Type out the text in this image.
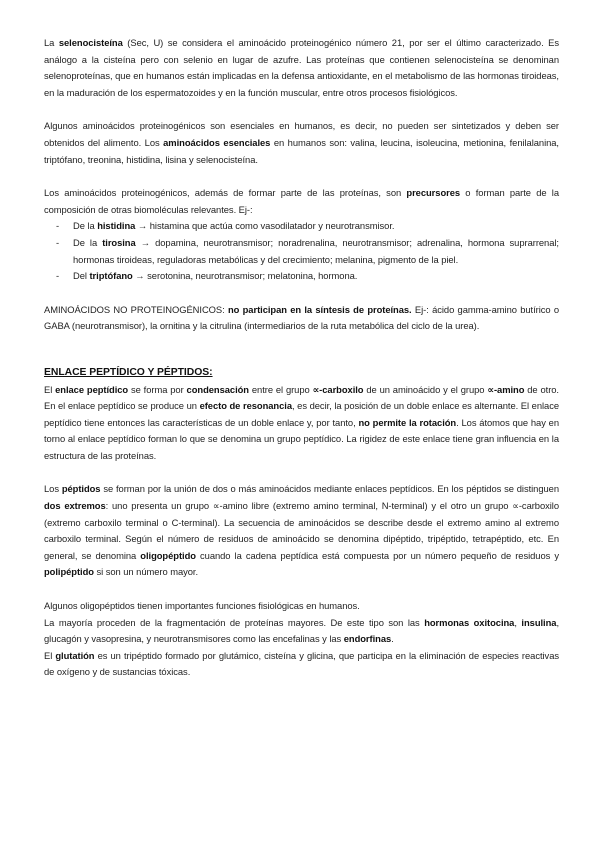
La selenocisteína (Sec, U) se considera el aminoácido proteinogénico número 21, por ser el último caracterizado. Es análogo a la cisteína pero con selenio en lugar de azufre. Las proteínas que contienen selenocisteína se denominan selenoproteínas, que en humanos están implicadas en la defensa antioxidante, en el metabolismo de las hormonas tiroideas, en la maduración de los espermatozoides y en la función muscular, entre otros procesos fisiológicos.

Algunos aminoácidos proteinogénicos son esenciales en humanos, es decir, no pueden ser sintetizados y deben ser obtenidos del alimento. Los aminoácidos esenciales en humanos son: valina, leucina, isoleucina, metionina, fenilalanina, triptófano, treonina, histidina, lisina y selenocisteína.

Los aminoácidos proteinogénicos, además de formar parte de las proteínas, son precursores o forman parte de la composición de otras biomoléculas relevantes. Ej-:

- De la histidina → histamina que actúa como vasodilatador y neurotransmisor.
- De la tirosina → dopamina, neurotransmisor; noradrenalina, neurotransmisor; adrenalina, hormona suprarrenal; hormonas tiroideas, reguladoras metabólicas y del crecimiento; melanina, pigmento de la piel.
- Del triptófano → serotonina, neurotransmisor; melatonina, hormona.

AMINOÁCIDOS NO PROTEINOGÉNICOS: no participan en la síntesis de proteínas. Ej-: ácido gamma-amino butírico o GABA (neurotransmisor), la ornitina y la citrulina (intermediarios de la ruta metabólica del ciclo de la urea).

ENLACE PEPTÍDICO Y PÉPTIDOS:

El enlace peptídico se forma por condensación entre el grupo ∝-carboxilo de un aminoácido y el grupo ∝-amino de otro. En el enlace peptídico se produce un efecto de resonancia, es decir, la posición de un doble enlace es alternante. El enlace peptídico tiene entonces las características de un doble enlace y, por tanto, no permite la rotación. Los átomos que hay en torno al enlace peptídico forman lo que se denomina un grupo peptídico. La rigidez de este enlace tiene gran influencia en la estructura de las proteínas.

Los péptidos se forman por la unión de dos o más aminoácidos mediante enlaces peptídicos. En los péptidos se distinguen dos extremos: uno presenta un grupo ∝-amino libre (extremo amino terminal, N-terminal) y el otro un grupo ∝-carboxilo (extremo carboxilo terminal o C-terminal). La secuencia de aminoácidos se describe desde el extremo amino al extremo carboxilo terminal. Según el número de residuos de aminoácido se denomina dipéptido, tripéptido, tetrapéptido, etc. En general, se denomina oligopéptido cuando la cadena peptídica está compuesta por un número pequeño de residuos y polipéptido si son un número mayor.

Algunos oligopéptidos tienen importantes funciones fisiológicas en humanos.

La mayoría proceden de la fragmentación de proteínas mayores. De este tipo son las hormonas oxitocina, insulina, glucagón y vasopresina, y neurotransmisores como las encefalinas y las endorfinas.

El glutatión es un tripéptido formado por glutámico, cisteína y glicina, que participa en la eliminación de especies reactivas de oxígeno y de sustancias tóxicas.
